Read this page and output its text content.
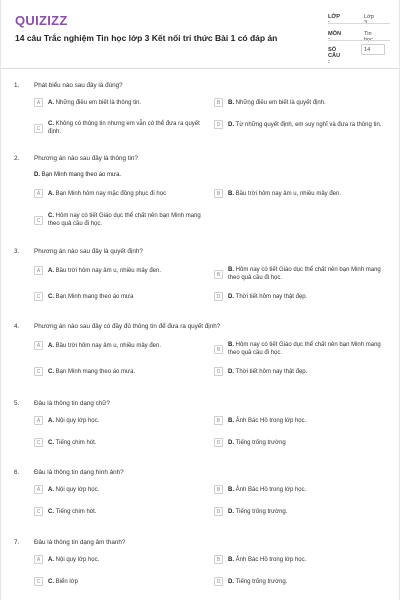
QUIZIZZ
14 câu Trắc nghiệm Tin học lớp 3 Kết nối tri thức Bài 1 có đáp án
LỚP :
Lớp 3
MÔN :
Tin học
SỐ CÂU :
14
1. Phát biểu nào sau đây là đúng?
A	A. Những điều em biết là thông tin.	B	B. Những điều em biết là quyết định.
C
C. Không có thông tin nhưng em vẫn có thể đưa ra quyết định.
D	D. Từ những quyết định, em suy nghĩ và đưa ra thông tin.
2. Phương án nào sau đây là thông tin?
D. Bạn Minh mang theo áo mưa.
A	A. Bạn Minh hôm nay mặc đồng phục đi học	B	B. Bầu trời hôm nay âm u, nhiều mây đen.
C
C. Hôm nay có tiết Giáo dục thể chất nên bạn Minh mang theo quả cầu đi học.
3. Phương án nào sau đây là quyết định?
A	A. Bầu trời hôm nay âm u, nhiều mây đen.
B
B. Hôm nay có tiết Giáo dục thể chất nên bạn Minh mang theo quả cầu đi học.
C	C. Bạn Minh mang theo áo mưa	D	D. Thời tiết hôm nay thật đẹp.
4. Phương án nào sau đây có đầy đủ thông tin để đưa ra quyết định?
A	A. Bầu trời hôm nay âm u, nhiều mây đen.
B
B. Hôm nay có tiết Giáo dục thể chất nên bạn Minh mang theo quả cầu đi học.
C	C. Bạn Minh mang theo áo mưa.	D	D. Thời tiết hôm nay thật đẹp.
5. Đâu là thông tin dạng chữ?
A	A. Nội quy lớp học.	B	B. Ảnh Bác Hồ trong lớp học.
C	C. Tiếng chim hót.	D	D. Tiếng trống trường
6. Đâu là thông tin dạng hình ảnh?
A	A. Nội quy lớp học.	B	B. Ảnh Bác Hồ trong lớp học.
C	C. Tiếng chim hót.	D	D. Tiếng trống trường.
7. Đâu là thông tin dạng âm thanh?
A	A. Nội quy lớp học.	B	B. Ảnh Bác Hồ trong lớp học.
C	C. Biển lớp	D	D. Tiếng trống trường.
